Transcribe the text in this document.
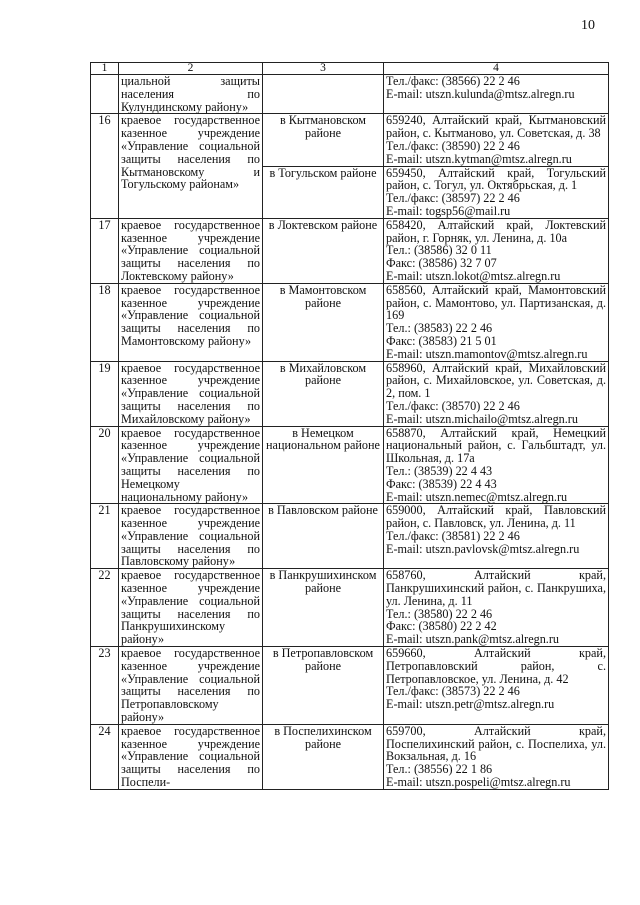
10
1	2	3	4
	циальной защиты населения по Кулундинскому району»		Тел./факс: (38566) 22 2 46
E-mail: utszn.kulunda@mtsz.alregn.ru

16	краевое государственное казенное учреждение «Управление социальной защиты населения по Кытмановскому и Тогульскому районам»	в Кытмановском районе	659240, Алтайский край, Кытмановский район, с. Кытманово, ул. Советская, д. 38
Тел./факс: (38590) 22 2 46
E-mail: utszn.kytman@mtsz.alregn.ru

		в Тогульском районе	659450, Алтайский край, Тогульский район, с. Тогул, ул. Октябрьская, д. 1
Тел./факс: (38597) 22 2 46
E-mail: togsp56@mail.ru

17	краевое государственное казенное учреждение «Управление социальной защиты населения по Локтевскому району»	в Локтевском районе	658420, Алтайский край, Локтевский район, г. Горняк, ул. Ленина, д. 10а
Тел.: (38586) 32 0 11
Факс: (38586) 32 7 07
E-mail: utszn.lokot@mtsz.alregn.ru

18	краевое государственное казенное учреждение «Управление социальной защиты населения по Мамонтовскому району»	в Мамонтовском районе	658560, Алтайский край, Мамонтовский район, с. Мамонтово, ул. Партизанская, д. 169
Тел.: (38583) 22 2 46
Факс: (38583) 21 5 01
E-mail: utszn.mamontov@mtsz.alregn.ru

19	краевое государственное казенное учреждение «Управление социальной защиты населения по Михайловскому району»	в Михайловском районе	658960, Алтайский край, Михайловский район, с. Михайловское, ул. Советская, д. 2, пом. 1
Тел./факс: (38570) 22 2 46
E-mail: utszn.michailo@mtsz.alregn.ru

20	краевое государственное казенное учреждение «Управление социальной защиты населения по Немецкому национальному району»	в Немецком национальном районе	658870, Алтайский край, Немецкий национальный район, с. Гальбштадт, ул. Школьная, д. 17а
Тел.: (38539) 22 4 43
Факс: (38539) 22 4 43
E-mail: utszn.nemec@mtsz.alregn.ru

21	краевое государственное казенное учреждение «Управление социальной защиты населения по Павловскому району»	в Павловском районе	659000, Алтайский край, Павловский район, с. Павловск, ул. Ленина, д. 11
Тел./факс: (38581) 22 2 46
E-mail: utszn.pavlovsk@mtsz.alregn.ru

22	краевое государственное казенное учреждение «Управление социальной защиты населения по Панкрушихинскому району»	в Панкрушихинском районе	658760, Алтайский край, Панкрушихинский район, с. Панкрушиха, ул. Ленина, д. 11
Тел.: (38580) 22 2 46
Факс: (38580) 22 2 42
E-mail: utszn.pank@mtsz.alregn.ru

23	краевое государственное казенное учреждение «Управление социальной защиты населения по Петропавловскому району»	в Петропавловском районе	659660, Алтайский край, Петропавловский район, с. Петропавловское, ул. Ленина, д. 42
Тел./факс: (38573) 22 2 46
E-mail: utszn.petr@mtsz.alregn.ru

24	краевое государственное казенное учреждение «Управление социальной защиты населения по Поспели-	в Поспелихинском районе	659700, Алтайский край, Поспелихинский район, с. Поспелиха, ул. Вокзальная, д. 16
Тел.: (38556) 22 1 86
E-mail: utszn.pospeli@mtsz.alregn.ru
